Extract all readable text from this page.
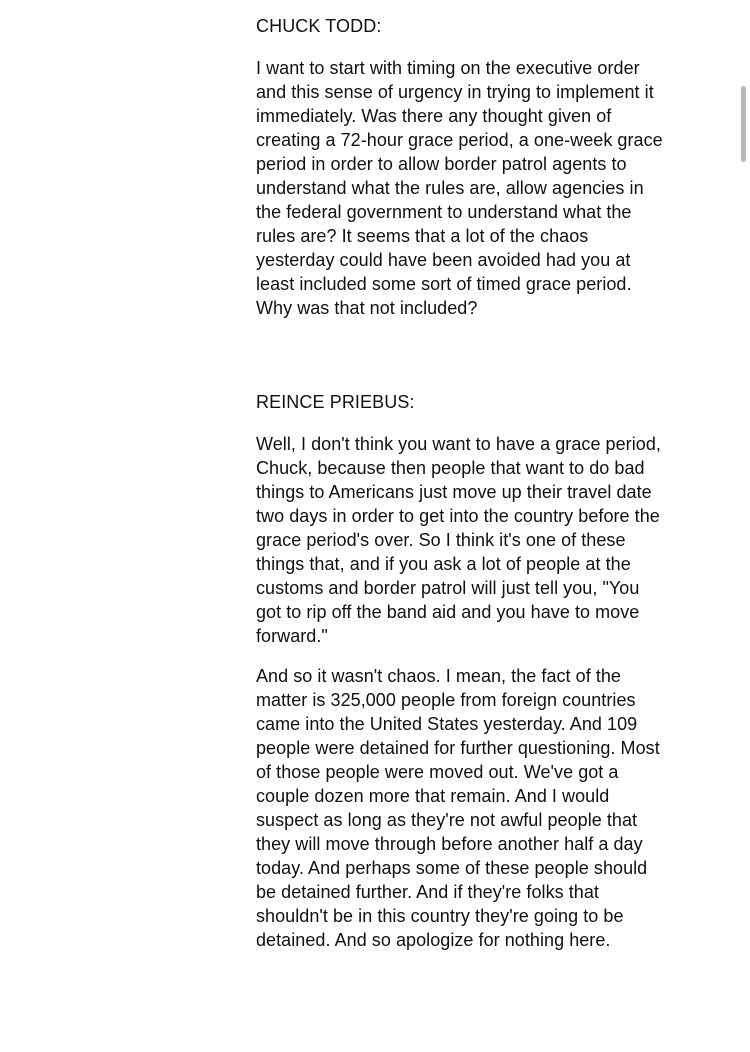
CHUCK TODD:

I want to start with timing on the executive order and this sense of urgency in trying to implement it immediately. Was there any thought given of creating a 72-hour grace period, a one-week grace period in order to allow border patrol agents to understand what the rules are, allow agencies in the federal government to understand what the rules are? It seems that a lot of the chaos yesterday could have been avoided had you at least included some sort of timed grace period. Why was that not included?

REINCE PRIEBUS:

Well, I don't think you want to have a grace period, Chuck, because then people that want to do bad things to Americans just move up their travel date two days in order to get into the country before the grace period's over. So I think it's one of these things that, and if you ask a lot of people at the customs and border patrol will just tell you, "You got to rip off the band aid and you have to move forward."

And so it wasn't chaos. I mean, the fact of the matter is 325,000 people from foreign countries came into the United States yesterday. And 109 people were detained for further questioning. Most of those people were moved out. We've got a couple dozen more that remain. And I would suspect as long as they're not awful people that they will move through before another half a day today. And perhaps some of these people should be detained further. And if they're folks that shouldn't be in this country they're going to be detained. And so apologize for nothing here.
